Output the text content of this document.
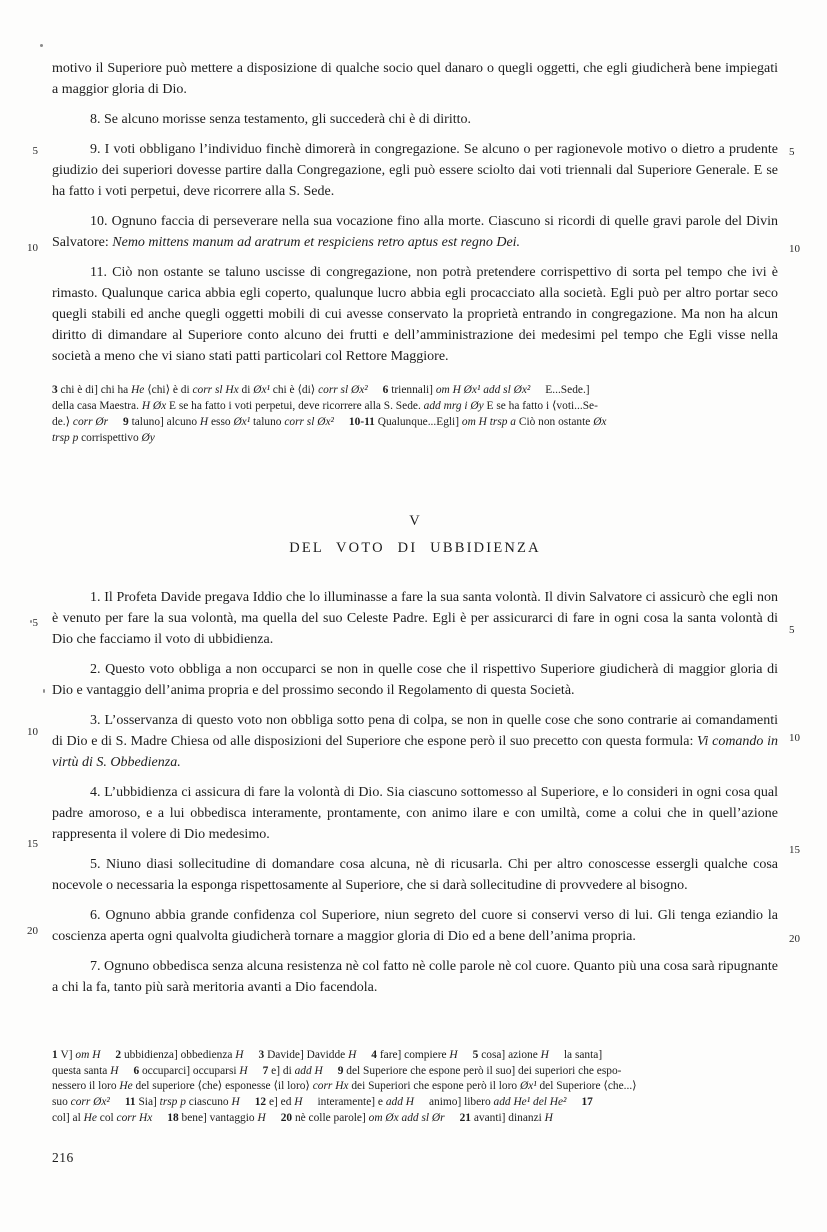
motivo il Superiore può mettere a disposizione di qualche socio quel danaro o quegli oggetti, che egli giudicherà bene impiegati a maggior gloria di Dio.
8. Se alcuno morisse senza testamento, gli succederà chi è di diritto.
9. I voti obbligano l’individuo finchè dimorerà in congregazione. Se alcuno o per ragionevole motivo o dietro a prudente giudizio dei superiori dovesse partire dalla Congregazione, egli può essere sciolto dai voti triennali dal Superiore Generale. E se ha fatto i voti perpetui, deve ricorrere alla S. Sede.
10. Ognuno faccia di perseverare nella sua vocazione fino alla morte. Ciascuno si ricordi di quelle gravi parole del Divin Salvatore: Nemo mittens manum ad aratrum et respiciens retro aptus est regno Dei.
11. Ciò non ostante se taluno uscisse di congregazione, non potrà pretendere corrispettivo di sorta pel tempo che ivi è rimasto. Qualunque carica abbia egli coperto, qualunque lucro abbia egli procacciato alla società. Egli può per altro portar seco quegli stabili ed anche quegli oggetti mobili di cui avesse conservato la proprietà entrando in congregazione. Ma non ha alcun diritto di dimandare al Superiore conto alcuno dei frutti e dell’amministrazione dei medesimi pel tempo che Egli visse nella società a meno che vi siano stati patti particolari col Rettore Maggiore.
3 chi è di] chi ha He ⟨chi⟩ è di corr sl Hx di Øx¹ chi è ⟨di⟩ corr sl Øx² 6 triennali] om H Øx¹ add sl Øx² E...Sede.]
della casa Maestra. H Øx E se ha fatto i voti perpetui, deve ricorrere alla S. Sede. add mrg i Øy E se ha fatto i ⟨voti...Se-
de.⟩ corr Ør 9 taluno] alcuno H esso Øx¹ taluno corr sl Øx² 10-11 Qualunque...Egli] om H trsp a Ciò non ostante Øx
trsp p corrispettivo Øy
V
DEL VOTO DI UBBIDIENZA
1. Il Profeta Davide pregava Iddio che lo illuminasse a fare la sua santa volontà. Il divin Salvatore ci assicurò che egli non è venuto per fare la sua volontà, ma quella del suo Celeste Padre. Egli è per assicurarci di fare in ogni cosa la santa volontà di Dio che facciamo il voto di ubbidienza.
2. Questo voto obbliga a non occuparci se non in quelle cose che il rispettivo Superiore giudicherà di maggior gloria di Dio e vantaggio dell’anima propria e del prossimo secondo il Regolamento di questa Società.
3. L’osservanza di questo voto non obbliga sotto pena di colpa, se non in quelle cose che sono contrarie ai comandamenti di Dio e di S. Madre Chiesa od alle disposizioni del Superiore che espone però il suo precetto con questa formula: Vi comando in virtù di S. Obbedienza.
4. L’ubbidienza ci assicura di fare la volontà di Dio. Sia ciascuno sottomesso al Superiore, e lo consideri in ogni cosa qual padre amoroso, e a lui obbedisca interamente, prontamente, con animo ilare e con umiltà, come a colui che in quell’azione rappresenta il volere di Dio medesimo.
5. Niuno diasi sollecitudine di domandare cosa alcuna, nè di ricusarla. Chi per altro conoscesse essergli qualche cosa nocevole o necessaria la esponga rispettosamente al Superiore, che si darà sollecitudine di provvedere al bisogno.
6. Ognuno abbia grande confidenza col Superiore, niun segreto del cuore si conservi verso di lui. Gli tenga eziandio la coscienza aperta ogni qualvolta giudicherà tornare a maggior gloria di Dio ed a bene dell’anima propria.
7. Ognuno obbedisca senza alcuna resistenza nè col fatto nè colle parole nè col cuore. Quanto più una cosa sarà ripugnante a chi la fa, tanto più sarà meritoria avanti a Dio facendola.
1 V] om H 2 ubbidienza] obbedienza H 3 Davide] Davidde H 4 fare] compiere H 5 cosa] azione H la santa]
questa santa H 6 occuparci] occuparsi H 7 e] di add H 9 del Superiore che espone però il suo] dei superiori che espo-
nessero il loro He del superiore ⟨che⟩ esponesse ⟨il loro⟩ corr Hx dei Superiori che espone però il loro Øx¹ del Superiore ⟨che...⟩
suo corr Øx² 11 Sia] trsp p ciascuno H 12 e] ed H interamente] e add H animo] libero add He¹ del He² 17
col] al He col corr Hx 18 bene] vantaggio H 20 nè colle parole] om Øx add sl Ør 21 avanti] dinanzi H
5
10
5
10
15
20
5
10
5
10
15
20
216
